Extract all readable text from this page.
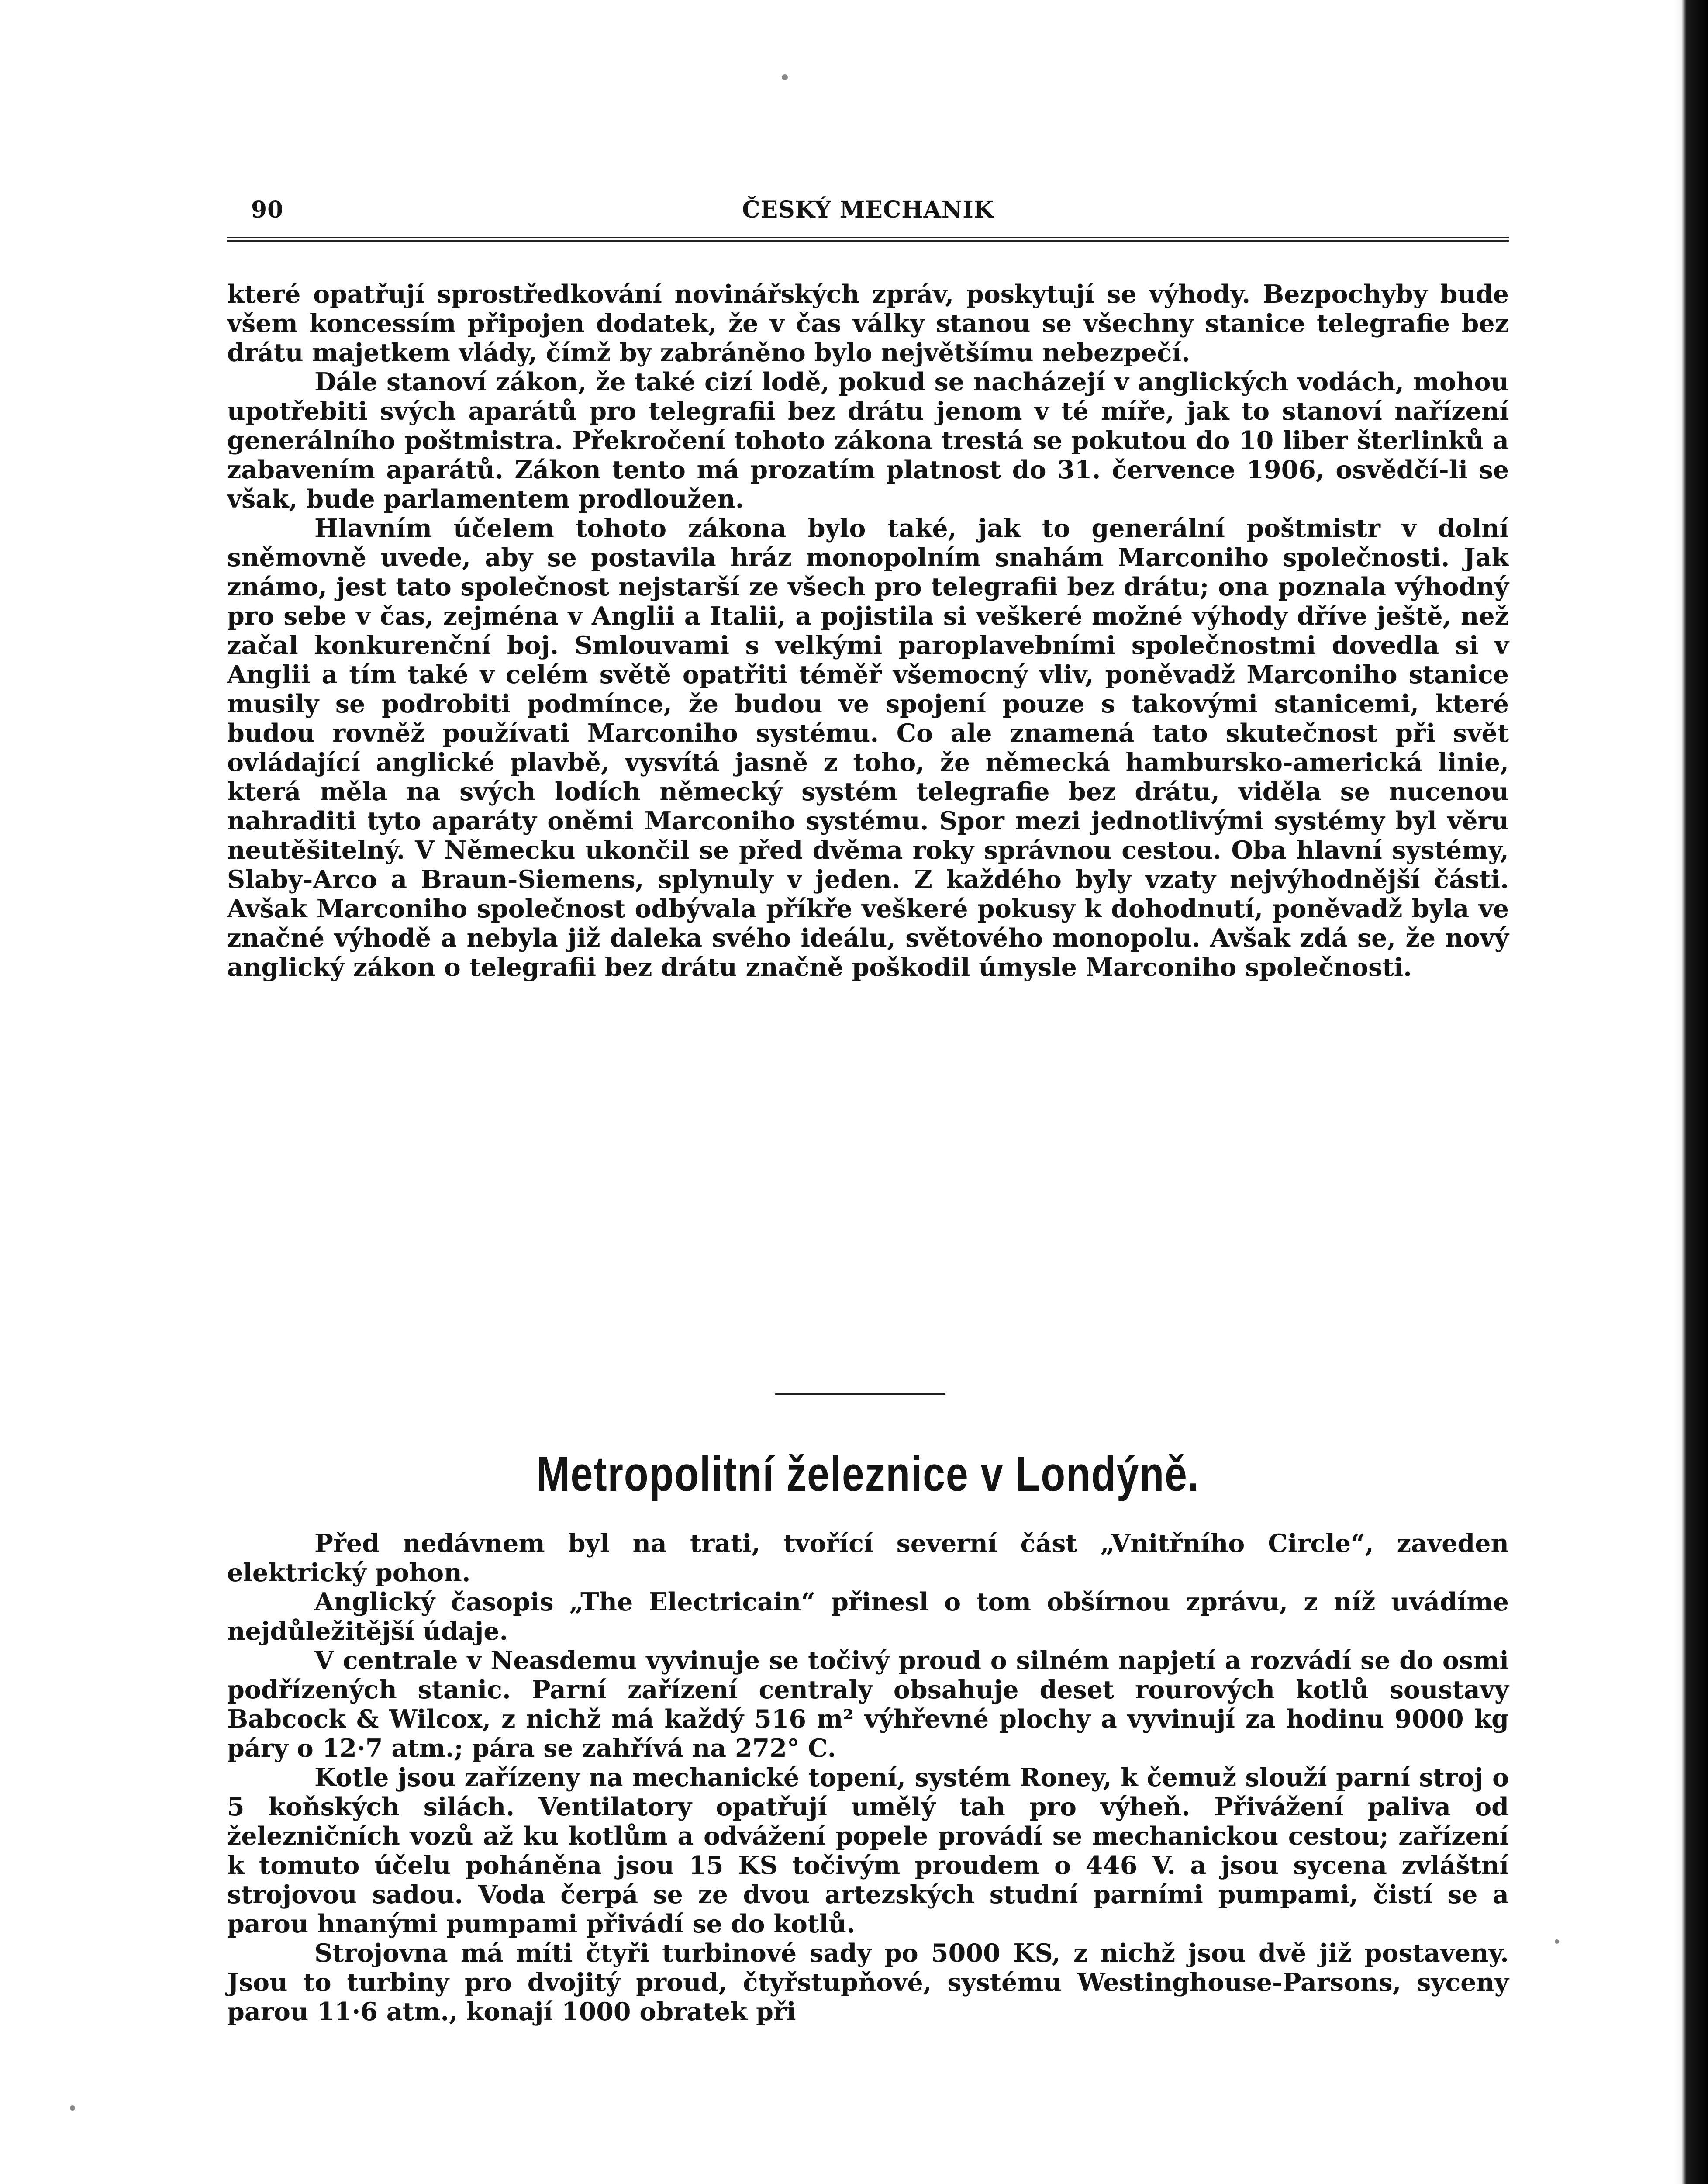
90	ČESKÝ MECHANIK

které opatřují sprostředkování novinářských zpráv, poskytují se výhody. Bezpochyby bude všem koncessím připojen dodatek, že v čas války stanou se všechny stanice telegrafie bez drátu majetkem vlády, čímž by zabráněno bylo největšímu nebezpečí.

Dále stanoví zákon, že také cizí lodě, pokud se nacházejí v anglických vodách, mohou upotřebiti svých aparátů pro telegrafii bez drátu jenom v té míře, jak to stanoví nařízení generálního poštmistra. Překročení tohoto zákona trestá se pokutou do 10 liber šterlinků a zabavením aparátů. Zákon tento má prozatím platnost do 31. července 1906, osvědčí-li se však, bude parlamentem prodloužen.

Hlavním účelem tohoto zákona bylo také, jak to generální poštmistr v dolní sněmovně uvede, aby se postavila hráz monopolním snahám Marconiho společnosti. Jak známo, jest tato společnost nejstarší ze všech pro telegrafii bez drátu; ona poznala výhodný pro sebe v čas, zejména v Anglii a Italii, a pojistila si veškeré možné výhody dříve ještě, než začal konkurenční boj. Smlouvami s velkými paroplavebními společnostmi dovedla si v Anglii a tím také v celém světě opatřiti téměř všemocný vliv, poněvadž Marconiho stanice musily se podrobiti podmínce, že budou ve spojení pouze s takovými stanicemi, které budou rovněž používati Marconiho systému. Co ale znamená tato skutečnost při svět ovládající anglické plavbě, vysvítá jasně z toho, že německá hambursko-americká linie, která měla na svých lodích německý systém telegrafie bez drátu, viděla se nucenou nahraditi tyto aparáty oněmi Marconiho systému. Spor mezi jednotlivými systémy byl věru neutěšitelný. V Německu ukončil se před dvěma roky správnou cestou. Oba hlavní systémy, Slaby-Arco a Braun-Siemens, splynuly v jeden. Z každého byly vzaty nejvýhodnější části. Avšak Marconiho společnost odbývala příkře veškeré pokusy k dohodnutí, poněvadž byla ve značné výhodě a nebyla již daleka svého ideálu, světového monopolu. Avšak zdá se, že nový anglický zákon o telegrafii bez drátu značně poškodil úmysle Marconiho společnosti.

Metropolitní železnice v Londýně.

Před nedávnem byl na trati, tvořící severní část „Vnitřního Circle“, zaveden elektrický pohon.

Anglický časopis „The Electricain“ přinesl o tom obšírnou zprávu, z níž uvádíme nejdůležitější údaje.

V centrale v Neasdemu vyvinuje se točivý proud o silném napjetí a rozvádí se do osmi podřízených stanic. Parní zařízení centraly obsahuje deset rourových kotlů soustavy Babcock & Wilcox, z nichž má každý 516 m² výhřevné plochy a vyvinují za hodinu 9000 kg páry o 12·7 atm.; pára se zahřívá na 272° C.

Kotle jsou zařízeny na mechanické topení, systém Roney, k čemuž slouží parní stroj o 5 koňských silách. Ventilatory opatřují umělý tah pro výheň. Přivážení paliva od železničních vozů až ku kotlům a odvážení popele provádí se mechanickou cestou; zařízení k tomuto účelu poháněna jsou 15 KS točivým proudem o 446 V. a jsou sycena zvláštní strojovou sadou. Voda čerpá se ze dvou artezských studní parními pumpami, čistí se a parou hnanými pumpami přivádí se do kotlů.

Strojovna má míti čtyři turbinové sady po 5000 KS, z nichž jsou dvě již postaveny. Jsou to turbiny pro dvojitý proud, čtyřstupňové, systému Westinghouse-Parsons, syceny parou 11·6 atm., konají 1000 obratek při
